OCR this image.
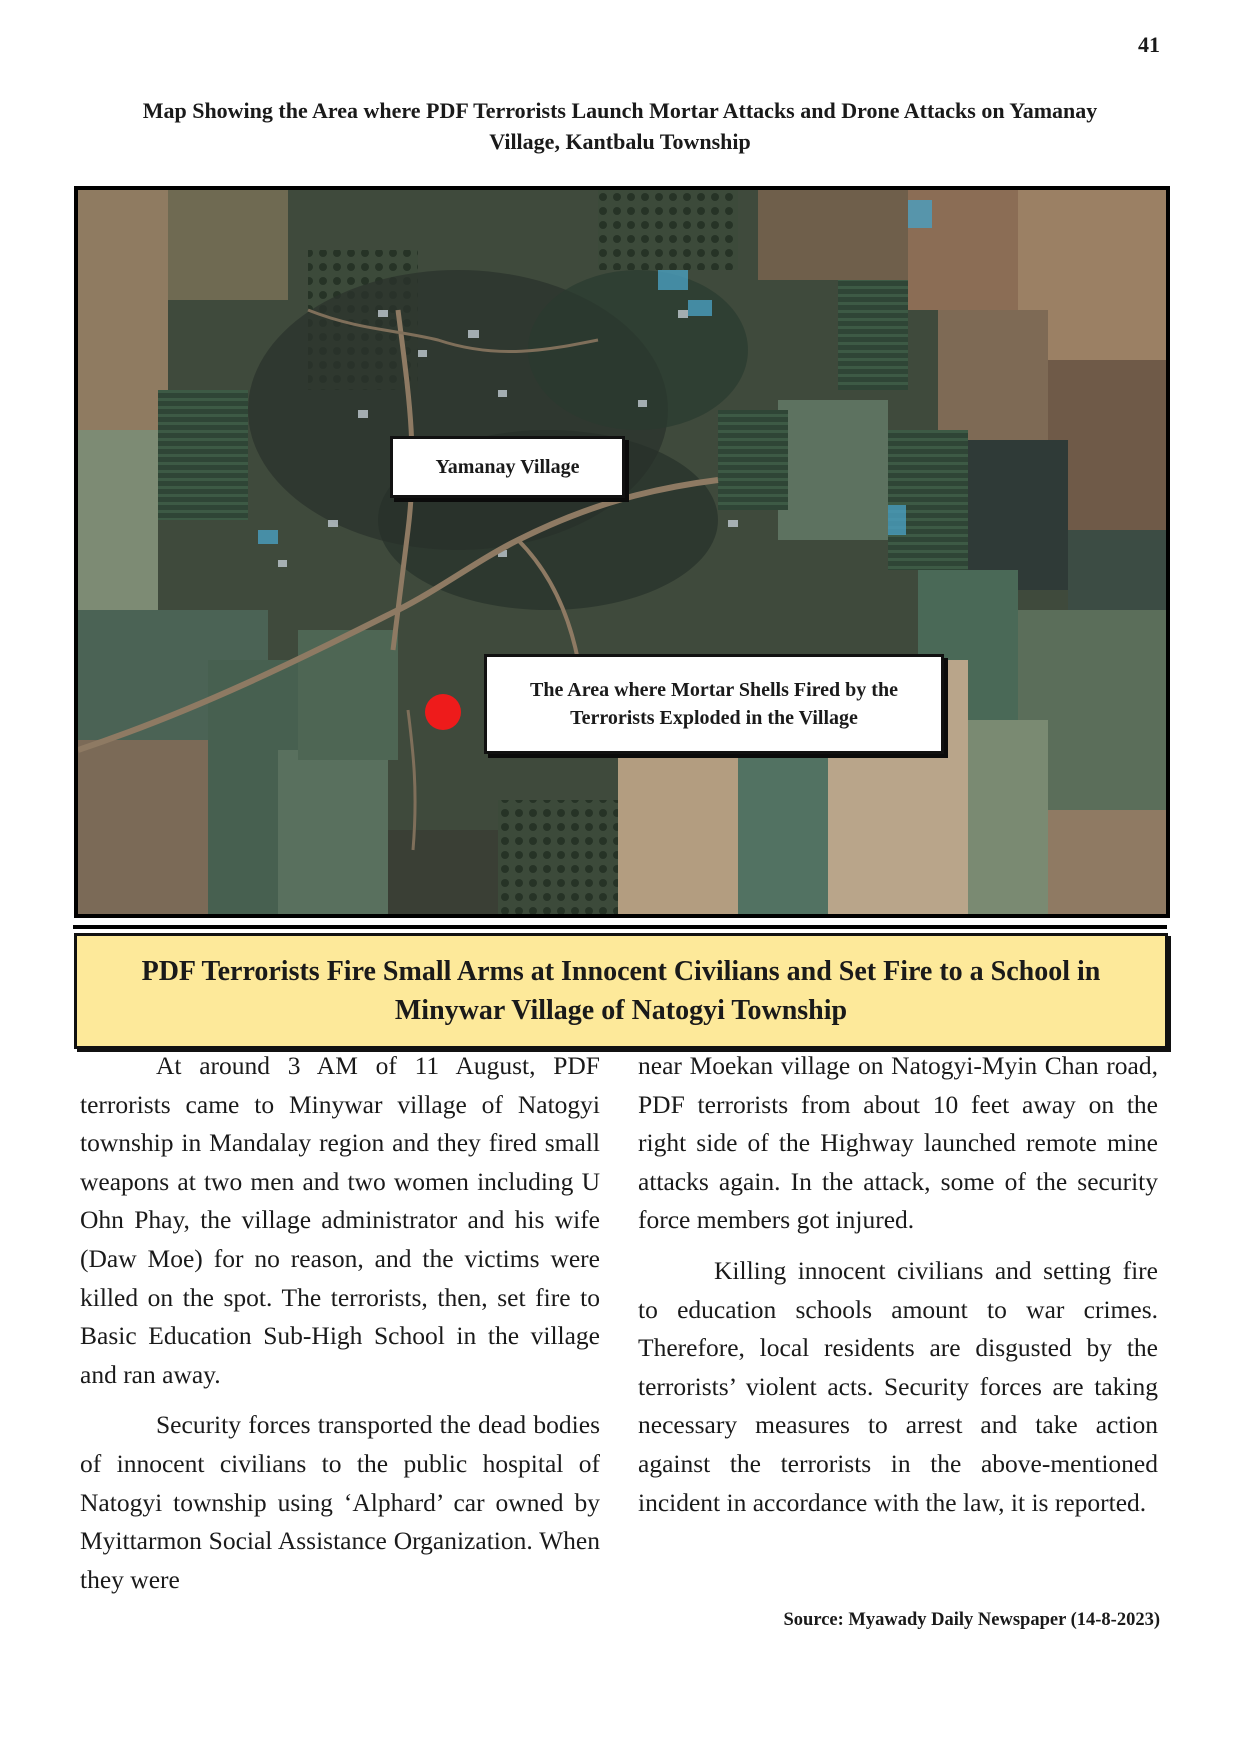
41
Map Showing the Area where PDF Terrorists Launch Mortar Attacks and Drone Attacks on Yamanay Village, Kantbalu Township
Yamanay Village
The Area where Mortar Shells Fired by the Terrorists Exploded in the Village
PDF Terrorists Fire Small Arms at Innocent Civilians and Set Fire to a School in Minywar Village of Natogyi Township

At around 3 AM of 11 August, PDF terrorists came to Minywar village of Natogyi township in Mandalay region and they fired small weapons at two men and two women including U Ohn Phay, the village administrator and his wife (Daw Moe) for no reason, and the victims were killed on the spot. The terrorists, then, set fire to Basic Education Sub-High School in the village and ran away.

Security forces transported the dead bodies of innocent civilians to the public hospital of Natogyi township using ‘Alphard’ car owned by Myittarmon Social Assistance Organization. When they were

near Moekan village on Natogyi-Myin Chan road, PDF terrorists from about 10 feet away on the right side of the Highway launched remote mine attacks again. In the attack, some of the security force members got injured.

Killing innocent civilians and setting fire to education schools amount to war crimes. Therefore, local residents are disgusted by the terrorists’ violent acts. Security forces are taking necessary measures to arrest and take action against the terrorists in the above-mentioned incident in accordance with the law, it is reported.

Source: Myawady Daily Newspaper (14-8-2023)
